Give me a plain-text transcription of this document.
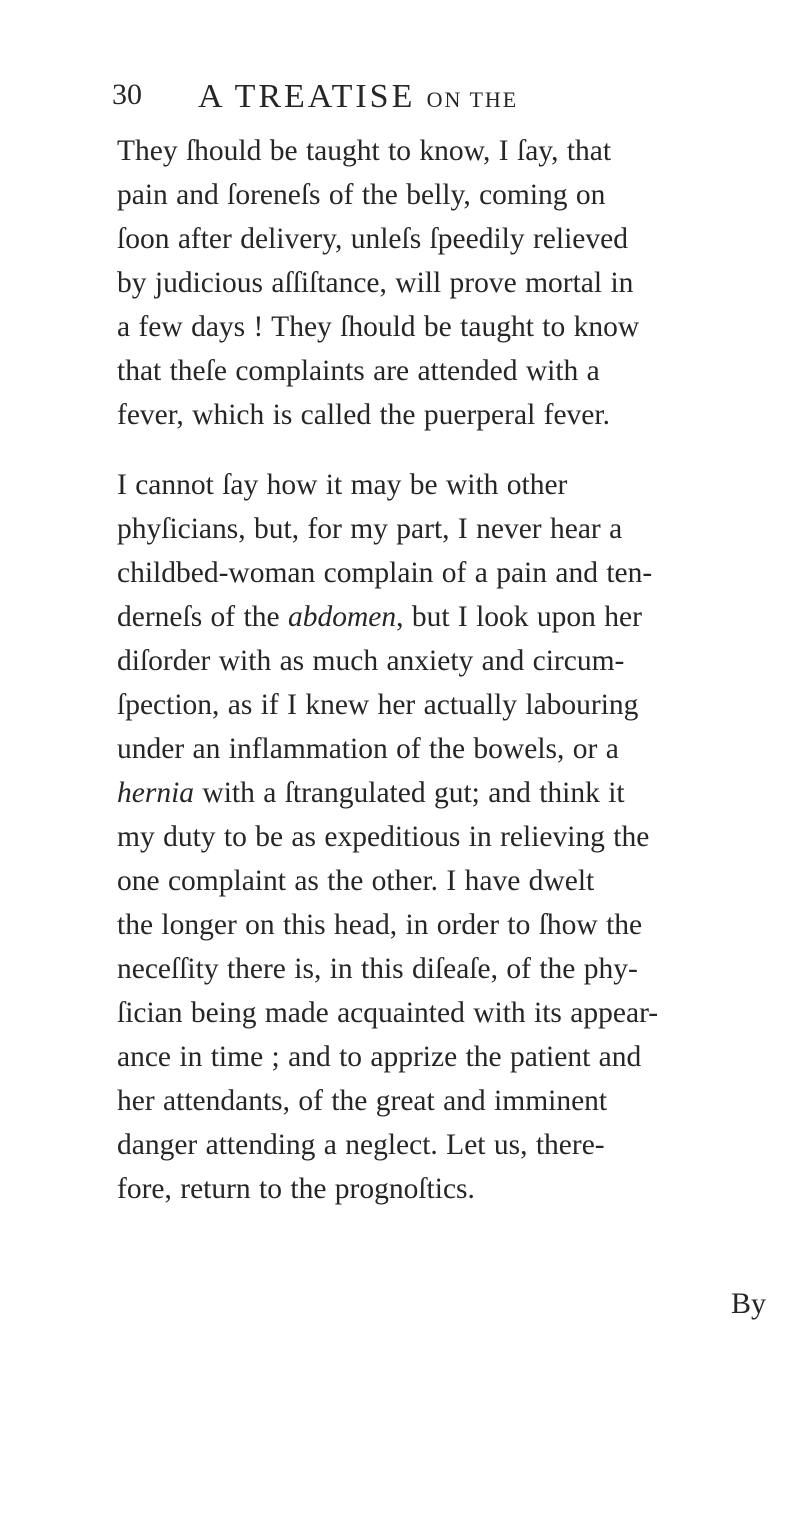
30 A TREATISE ON THE
They ſhould be taught to know, I ſay, that
pain and ſoreneſs of the belly, coming on
ſoon after delivery, unleſs ſpeedily relieved
by judicious aſſiſtance, will prove mortal in
a few days ! They ſhould be taught to know
that theſe complaints are attended with a
fever, which is called the puerperal fever.
I cannot ſay how it may be with other
phyſicians, but, for my part, I never hear a
childbed-woman complain of a pain and ten-
derneſs of the abdomen, but I look upon her
diſorder with as much anxiety and circum-
ſpection, as if I knew her actually labouring
under an inflammation of the bowels, or a
hernia with a ſtrangulated gut; and think it
my duty to be as expeditious in relieving the
one complaint as the other. I have dwelt
the longer on this head, in order to ſhow the
neceſſity there is, in this diſeaſe, of the phy-
ſician being made acquainted with its appear-
ance in time ; and to apprize the patient and
her attendants, of the great and imminent
danger attending a neglect. Let us, there-
fore, return to the prognoſtics.
By
